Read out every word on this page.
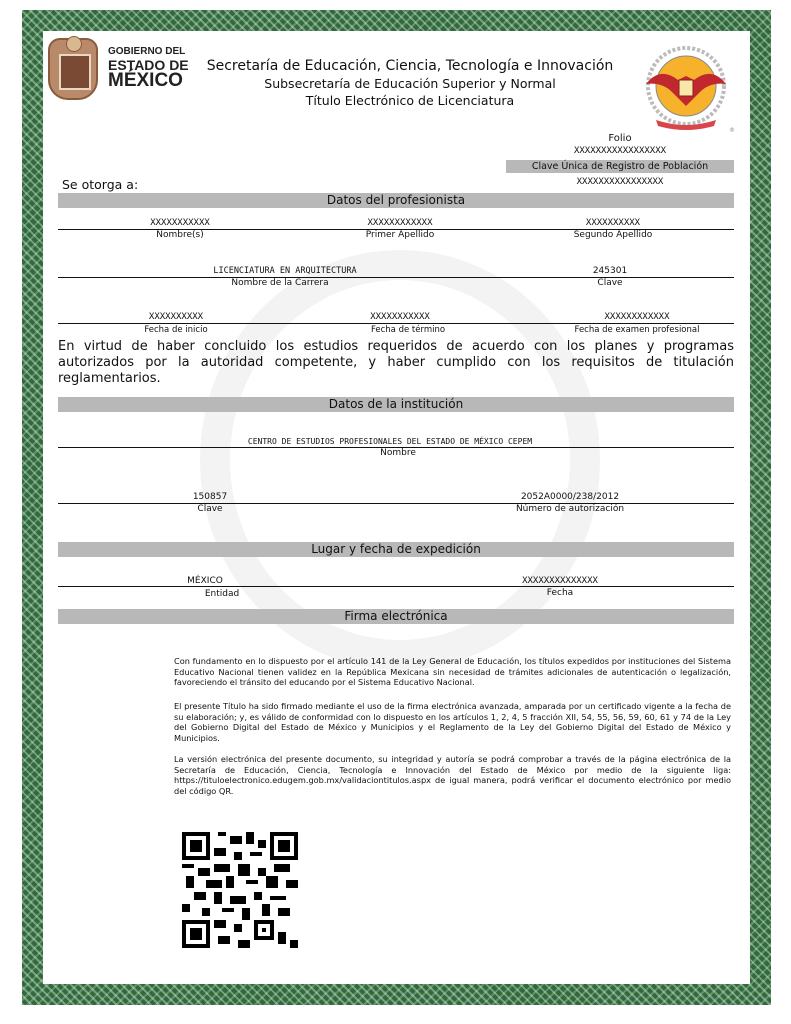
GOBIERNO DEL
ESTADO DE
MÉXICO
Secretaría de Educación, Ciencia, Tecnología e Innovación
Subsecretaría de Educación Superior y Normal
Título Electrónico de Licenciatura
®
Folio
XXXXXXXXXXXXXXXXX
Clave Única de Registro de Población
XXXXXXXXXXXXXXXX
Se otorga a:
Datos del profesionista
XXXXXXXXXXX	XXXXXXXXXXXX	XXXXXXXXXX
Nombre(s)	Primer Apellido	Segundo Apellido
LICENCIATURA EN ARQUITECTURA	245301
Nombre de la Carrera	Clave
XXXXXXXXXX	XXXXXXXXXXX	XXXXXXXXXXXX
Fecha de inicio	Fecha de término	Fecha de examen profesional
En virtud de haber concluido los estudios requeridos de acuerdo con los planes y programas autorizados por la autoridad competente, y haber cumplido con los requisitos de titulación reglamentarios.
Datos de la institución
CENTRO DE ESTUDIOS PROFESIONALES DEL ESTADO DE MÉXICO CEPEM
Nombre
150857	2052A0000/238/2012
Clave	Número de autorización
Lugar y fecha de expedición
MÉXICO	XXXXXXXXXXXXXX
Entidad	Fecha
Firma electrónica
Con fundamento en lo dispuesto por el artículo 141 de la Ley General de Educación, los títulos expedidos por instituciones del Sistema Educativo Nacional tienen validez en la República Mexicana sin necesidad de trámites adicionales de autenticación o legalización, favoreciendo el tránsito del educando por el Sistema Educativo Nacional.
El presente Título ha sido firmado mediante el uso de la firma electrónica avanzada, amparada por un certificado vigente a la fecha de su elaboración; y, es válido de conformidad con lo dispuesto en los artículos 1, 2, 4, 5 fracción XII, 54, 55, 56, 59, 60, 61 y 74 de la Ley del Gobierno Digital del Estado de México y Municipios y el Reglamento de la Ley del Gobierno Digital del Estado de México y Municipios.
La versión electrónica del presente documento, su integridad y autoría se podrá comprobar a través de la página electrónica de la Secretaría de Educación, Ciencia, Tecnología e Innovación del Estado de México por medio de la siguiente liga: https://tituloelectronico.edugem.gob.mx/validaciontitulos.aspx de igual manera, podrá verificar el documento electrónico por medio del código QR.
